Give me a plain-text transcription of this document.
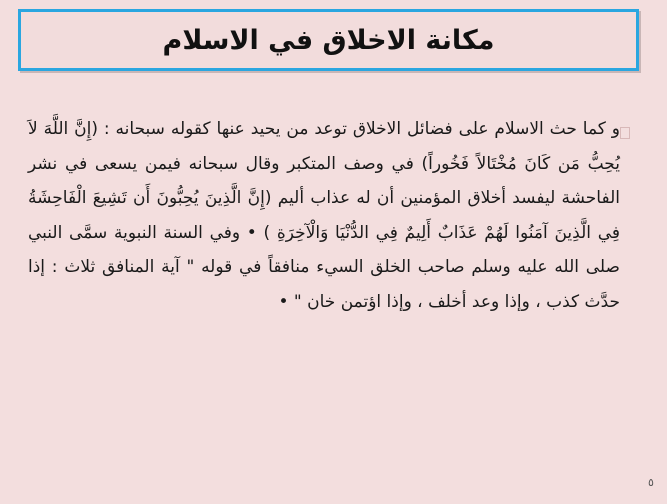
مكانة الاخلاق في الاسلام

و كما حث الاسلام على فضائل الاخلاق توعد من يحيد عنها كقوله سبحانه : (إِنَّ اللَّهَ لاَ يُحِبُّ مَن كَانَ مُخْتَالاً فَخُوراً) في وصف المتكبر وقال سبحانه فيمن يسعى في نشر الفاحشة ليفسد أخلاق المؤمنين أن له عذاب أليم (إِنَّ الَّذِينَ يُحِبُّونَ أَن تَشِيعَ الْفَاحِشَةُ فِي الَّذِينَ آمَنُوا لَهُمْ عَذَابٌ أَلِيمٌ فِي الدُّنْيَا وَالْآخِرَةِ ) • وفي السنة النبوية سمَّى النبي صلى الله عليه وسلم صاحب الخلق السيء منافقاً في قوله " آية المنافق ثلاث : إذا حدَّث كذب ، وإذا وعد أخلف ، وإذا اؤتمن خان " •

٥
